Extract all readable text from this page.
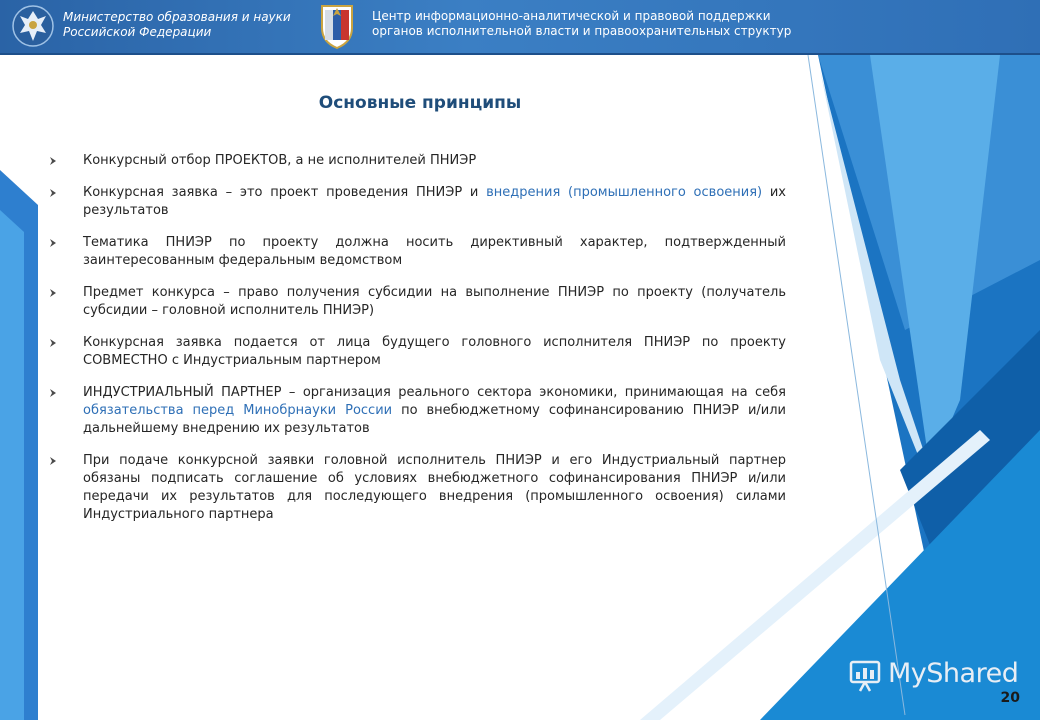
Министерство образования и науки
Российской Федерации
Центр информационно-аналитической и правовой поддержки
органов исполнительной власти и правоохранительных структур
Основные принципы
Конкурсный отбор ПРОЕКТОВ, а не исполнителей ПНИЭР
Конкурсная заявка – это проект проведения ПНИЭР и внедрения (промышленного освоения) их результатов
Тематика ПНИЭР по проекту должна носить директивный характер, подтвержденный заинтересованным федеральным ведомством
Предмет конкурса – право получения субсидии на выполнение ПНИЭР по проекту (получатель субсидии – головной исполнитель ПНИЭР)
Конкурсная заявка подается от лица будущего головного исполнителя ПНИЭР по проекту СОВМЕСТНО с Индустриальным партнером
ИНДУСТРИАЛЬНЫЙ ПАРТНЕР – организация реального сектора экономики, принимающая на себя обязательства перед Минобрнауки России по внебюджетному софинансированию ПНИЭР и/или дальнейшему внедрению их результатов
При подаче конкурсной заявки головной исполнитель ПНИЭР и его Индустриальный партнер обязаны подписать соглашение об условиях внебюджетного софинансирования ПНИЭР и/или передачи их результатов для последующего внедрения (промышленного освоения) силами Индустриального партнера
MyShared
20
